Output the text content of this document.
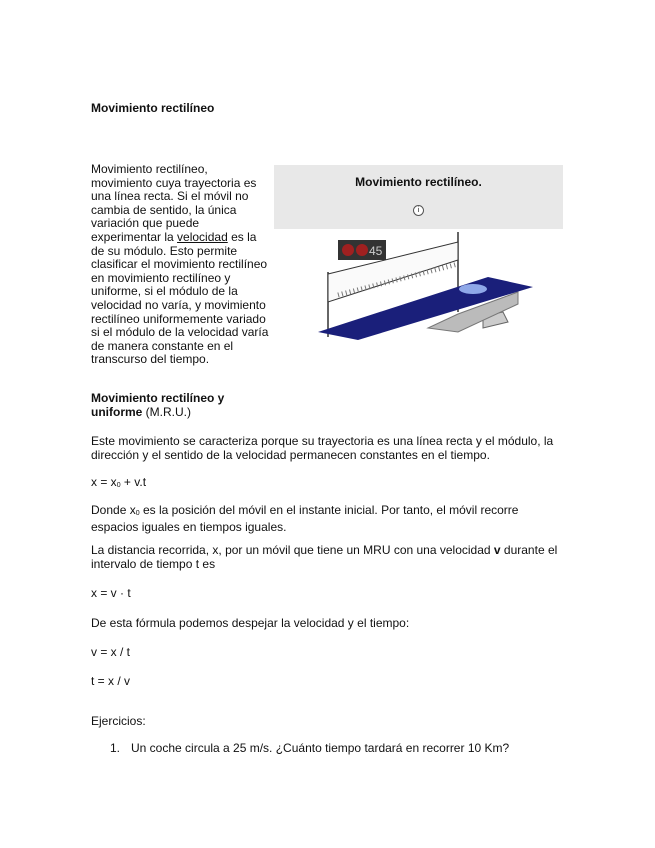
Movimiento rectilíneo
Movimiento rectilíneo,
movimiento cuya trayectoria es
una línea recta. Si el móvil no
cambia de sentido, la única
variación que puede
experimentar la velocidad es la
de su módulo. Esto permite
clasificar el movimiento rectilíneo
en movimiento rectilíneo y
uniforme, si el módulo de la
velocidad no varía, y movimiento
rectilíneo uniformemente variado
si el módulo de la velocidad varía
de manera constante en el
transcurso del tiempo.
Movimiento rectilíneo.
i
45
Movimiento rectilíneo y
uniforme (M.R.U.)
Este movimiento se caracteriza porque su trayectoria es una línea recta y el módulo, la
dirección y el sentido de la velocidad permanecen constantes en el tiempo.
$x = x_0 + v.t$
Donde $x_0$ es la posición del móvil en el instante inicial. Por tanto, el móvil recorre
espacios iguales en tiempos iguales.
La distancia recorrida, x, por un móvil que tiene un MRU con una velocidad v durante el
intervalo de tiempo t es
x = v · t
De esta fórmula podemos despejar la velocidad y el tiempo:
v = x / t
t = x / v
Ejercicios:
1. Un coche circula a 25 m/s. ¿Cuánto tiempo tardará en recorrer 10 Km?
